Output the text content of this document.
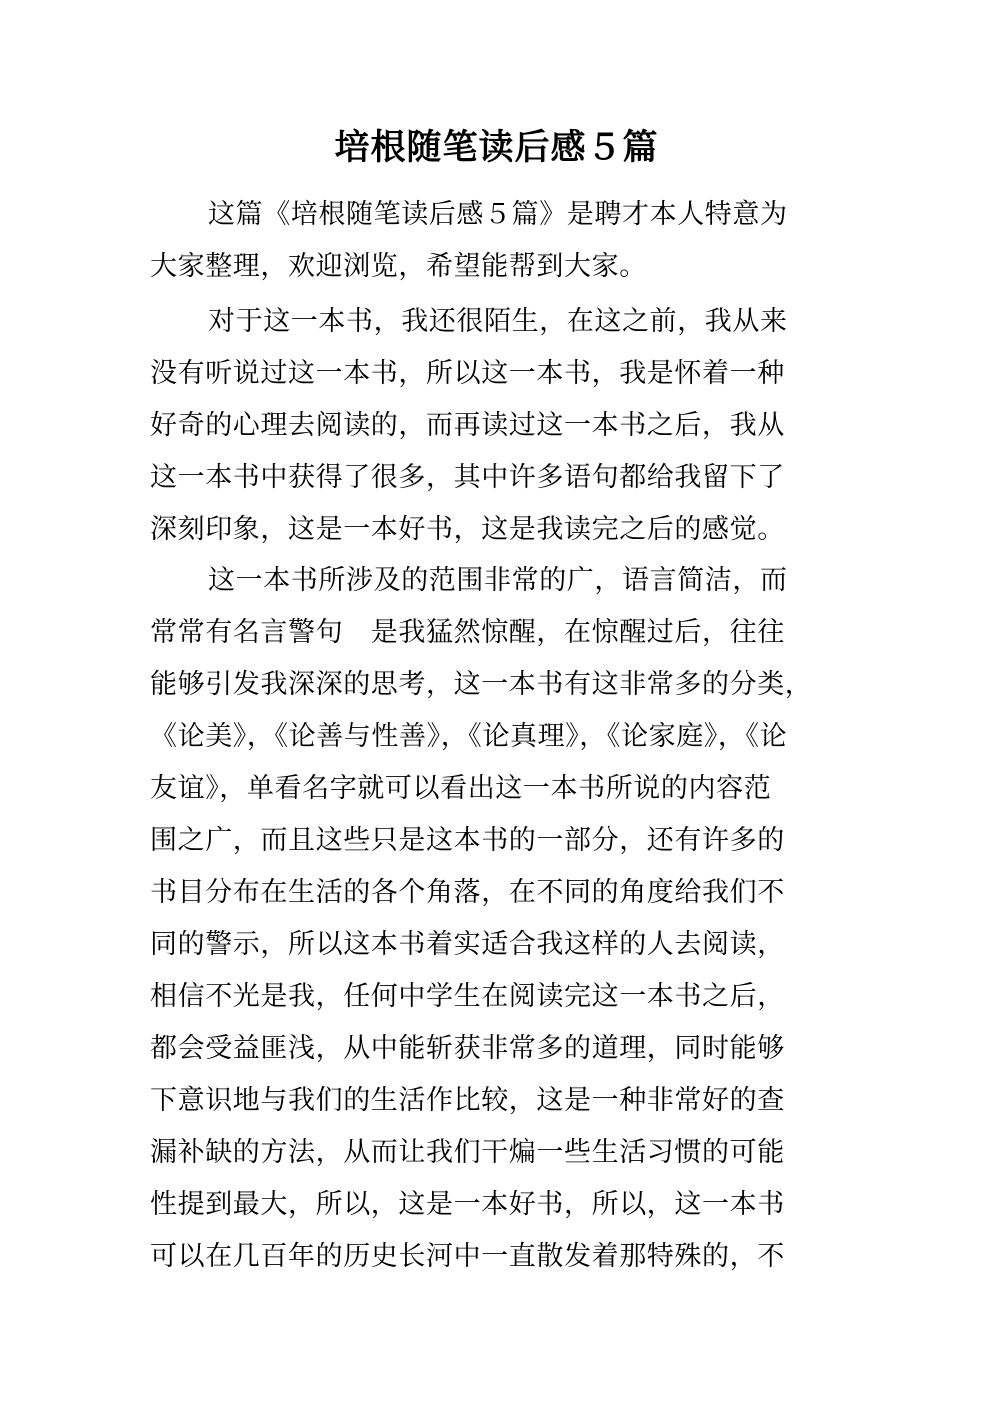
培根随笔读后感５篇
这篇《培根随笔读后感５篇》是聘才本人特意为
大家整理，欢迎浏览，希望能帮到大家。
对于这一本书，我还很陌生，在这之前，我从来
没有听说过这一本书，所以这一本书，我是怀着一种
好奇的心理去阅读的，而再读过这一本书之后，我从
这一本书中获得了很多，其中许多语句都给我留下了
深刻印象，这是一本好书，这是我读完之后的感觉。
这一本书所涉及的范围非常的广，语言简洁，而
常常有名言警句　是我猛然惊醒，在惊醒过后，往往
能够引发我深深的思考，这一本书有这非常多的分类，
《论美》，《论善与性善》，《论真理》，《论家庭》，《论
友谊》，单看名字就可以看出这一本书所说的内容范
围之广，而且这些只是这本书的一部分，还有许多的
书目分布在生活的各个角落，在不同的角度给我们不
同的警示，所以这本书着实适合我这样的人去阅读，
相信不光是我，任何中学生在阅读完这一本书之后，
都会受益匪浅，从中能斩获非常多的道理，同时能够
下意识地与我们的生活作比较，这是一种非常好的查
漏补缺的方法，从而让我们干煸一些生活习惯的可能
性提到最大，所以，这是一本好书，所以，这一本书
可以在几百年的历史长河中一直散发着那特殊的，不
